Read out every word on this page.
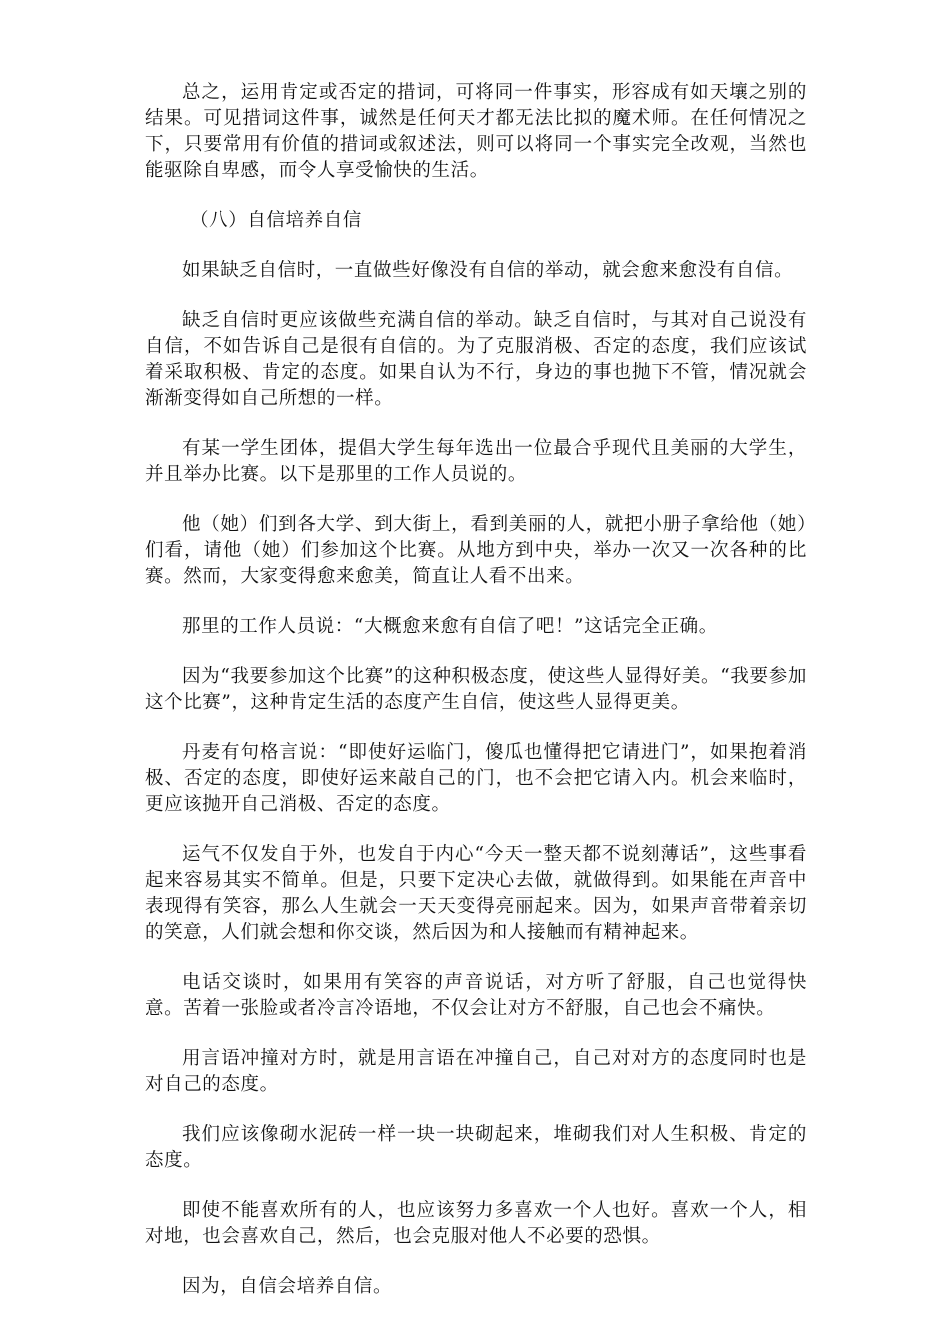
总之，运用肯定或否定的措词，可将同一件事实，形容成有如天壤之别的结果。可见措词这件事，诚然是任何天才都无法比拟的魔术师。在任何情况之下，只要常用有价值的措词或叙述法，则可以将同一个事实完全改观，当然也能驱除自卑感，而令人享受愉快的生活。

（八）自信培养自信

如果缺乏自信时，一直做些好像没有自信的举动，就会愈来愈没有自信。

缺乏自信时更应该做些充满自信的举动。缺乏自信时，与其对自己说没有自信，不如告诉自己是很有自信的。为了克服消极、否定的态度，我们应该试着采取积极、肯定的态度。如果自认为不行，身边的事也抛下不管，情况就会渐渐变得如自己所想的一样。

有某一学生团体，提倡大学生每年选出一位最合乎现代且美丽的大学生，并且举办比赛。以下是那里的工作人员说的。

他（她）们到各大学、到大街上，看到美丽的人，就把小册子拿给他（她）们看，请他（她）们参加这个比赛。从地方到中央，举办一次又一次各种的比赛。然而，大家变得愈来愈美，简直让人看不出来。

那里的工作人员说：“大概愈来愈有自信了吧！”这话完全正确。

因为“我要参加这个比赛”的这种积极态度，使这些人显得好美。“我要参加这个比赛”，这种肯定生活的态度产生自信，使这些人显得更美。

丹麦有句格言说：“即使好运临门，傻瓜也懂得把它请进门”，如果抱着消极、否定的态度，即使好运来敲自己的门，也不会把它请入内。机会来临时，更应该抛开自己消极、否定的态度。

运气不仅发自于外，也发自于内心“今天一整天都不说刻薄话”，这些事看起来容易其实不简单。但是，只要下定决心去做，就做得到。如果能在声音中表现得有笑容，那么人生就会一天天变得亮丽起来。因为，如果声音带着亲切的笑意，人们就会想和你交谈，然后因为和人接触而有精神起来。

电话交谈时，如果用有笑容的声音说话，对方听了舒服，自己也觉得快意。苦着一张脸或者冷言冷语地，不仅会让对方不舒服，自己也会不痛快。

用言语冲撞对方时，就是用言语在冲撞自己，自己对对方的态度同时也是对自己的态度。

我们应该像砌水泥砖一样一块一块砌起来，堆砌我们对人生积极、肯定的态度。

即使不能喜欢所有的人，也应该努力多喜欢一个人也好。喜欢一个人，相对地，也会喜欢自己，然后，也会克服对他人不必要的恐惧。

因为，自信会培养自信。
